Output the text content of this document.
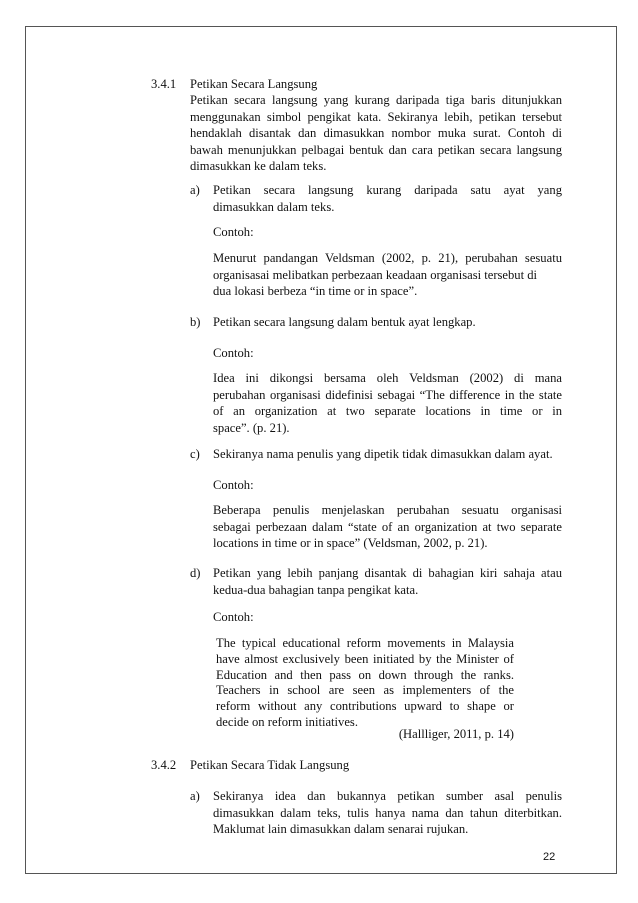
3.4.1 Petikan Secara Langsung
Petikan secara langsung yang kurang daripada tiga baris ditunjukkan
menggunakan simbol pengikat kata. Sekiranya lebih, petikan tersebut
hendaklah disantak dan dimasukkan nombor muka surat. Contoh di
bawah menunjukkan pelbagai bentuk dan cara petikan secara langsung
dimasukkan ke dalam teks.
a) Petikan secara langsung kurang daripada satu ayat yang
dimasukkan dalam teks.
Contoh:
Menurut pandangan Veldsman (2002, p. 21), perubahan sesuatu
organisasai melibatkan perbezaan keadaan organisasi tersebut di
dua lokasi berbeza “in time or in space”.
b) Petikan secara langsung dalam bentuk ayat lengkap.
Contoh:
Idea ini dikongsi bersama oleh Veldsman (2002) di mana
perubahan organisasi didefinisi sebagai “The difference in the state
of an organization at two separate locations in time or in
space”. (p. 21).
c) Sekiranya nama penulis yang dipetik tidak dimasukkan dalam ayat.
Contoh:
Beberapa penulis menjelaskan perubahan sesuatu organisasi
sebagai perbezaan dalam “state of an organization at two separate
locations in time or in space” (Veldsman, 2002, p. 21).
d) Petikan yang lebih panjang disantak di bahagian kiri sahaja atau
kedua-dua bahagian tanpa pengikat kata.
Contoh:
The typical educational reform movements in Malaysia
have almost exclusively been initiated by the Minister of
Education and then pass on down through the ranks.
Teachers in school are seen as implementers of the
reform without any contributions upward to shape or
decide on reform initiatives.
(Hallliger, 2011, p. 14)
3.4.2 Petikan Secara Tidak Langsung
a) Sekiranya idea dan bukannya petikan sumber asal penulis
dimasukkan dalam teks, tulis hanya nama dan tahun diterbitkan.
Maklumat lain dimasukkan dalam senarai rujukan.
22
